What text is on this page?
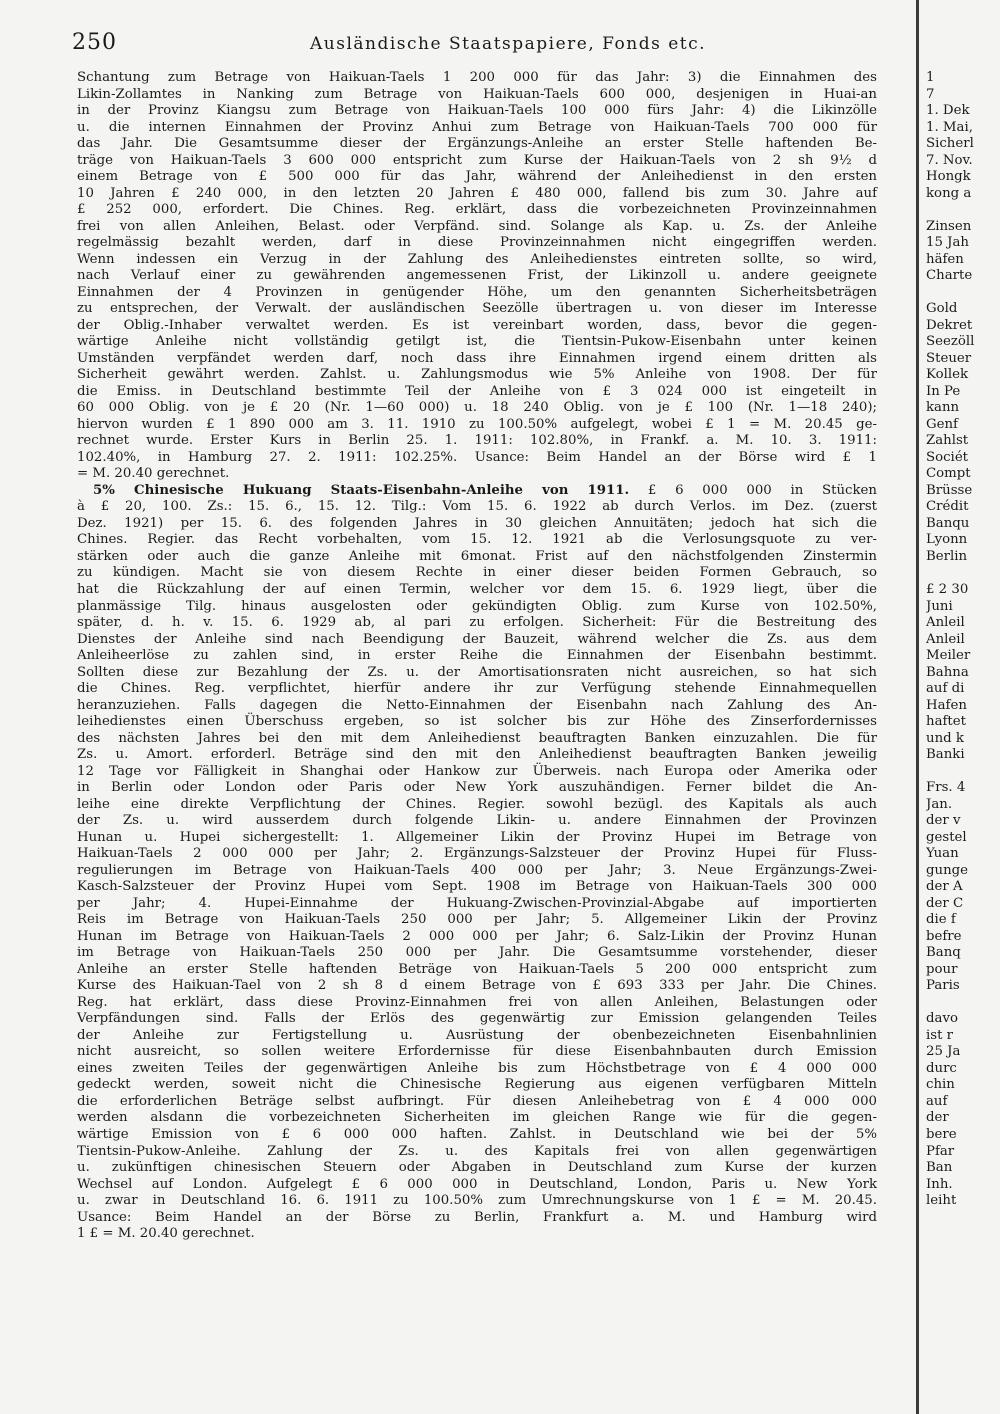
250	Ausländische Staatspapiere, Fonds etc.
Schantung zum Betrage von Haikuan-Taels 1 200 000 für das Jahr: 3) die Einnahmen des
Likin-Zollamtes in Nanking zum Betrage von Haikuan-Taels 600 000, desjenigen in Huai-an
in der Provinz Kiangsu zum Betrage von Haikuan-Taels 100 000 fürs Jahr: 4) die Likinzölle
u. die internen Einnahmen der Provinz Anhui zum Betrage von Haikuan-Taels 700 000 für
das Jahr. Die Gesamtsumme dieser der Ergänzungs-Anleihe an erster Stelle haftenden Be-
träge von Haikuan-Taels 3 600 000 entspricht zum Kurse der Haikuan-Taels von 2 sh 9½ d
einem Betrage von £ 500 000 für das Jahr, während der Anleihedienst in den ersten
10 Jahren £ 240 000, in den letzten 20 Jahren £ 480 000, fallend bis zum 30. Jahre auf
£ 252 000, erfordert. Die Chines. Reg. erklärt, dass die vorbezeichneten Provinzeinnahmen
frei von allen Anleihen, Belast. oder Verpfänd. sind. Solange als Kap. u. Zs. der Anleihe
regelmässig bezahlt werden, darf in diese Provinzeinnahmen nicht eingegriffen werden.
Wenn indessen ein Verzug in der Zahlung des Anleihedienstes eintreten sollte, so wird,
nach Verlauf einer zu gewährenden angemessenen Frist, der Likinzoll u. andere geeignete
Einnahmen der 4 Provinzen in genügender Höhe, um den genannten Sicherheitsbeträgen
zu entsprechen, der Verwalt. der ausländischen Seezölle übertragen u. von dieser im Interesse
der Oblig.-Inhaber verwaltet werden. Es ist vereinbart worden, dass, bevor die gegen-
wärtige Anleihe nicht vollständig getilgt ist, die Tientsin-Pukow-Eisenbahn unter keinen
Umständen verpfändet werden darf, noch dass ihre Einnahmen irgend einem dritten als
Sicherheit gewährt werden. Zahlst. u. Zahlungsmodus wie 5% Anleihe von 1908. Der für
die Emiss. in Deutschland bestimmte Teil der Anleihe von £ 3 024 000 ist eingeteilt in
60 000 Oblig. von je £ 20 (Nr. 1—60 000) u. 18 240 Oblig. von je £ 100 (Nr. 1—18 240);
hiervon wurden £ 1 890 000 am 3. 11. 1910 zu 100.50% aufgelegt, wobei £ 1 = M. 20.45 ge-
rechnet wurde. Erster Kurs in Berlin 25. 1. 1911: 102.80%, in Frankf. a. M. 10. 3. 1911:
102.40%, in Hamburg 27. 2. 1911: 102.25%. Usance: Beim Handel an der Börse wird £ 1
= M. 20.40 gerechnet.
5% Chinesische Hukuang Staats-Eisenbahn-Anleihe von 1911. £ 6 000 000 in Stücken
à £ 20, 100. Zs.: 15. 6., 15. 12. Tilg.: Vom 15. 6. 1922 ab durch Verlos. im Dez. (zuerst
Dez. 1921) per 15. 6. des folgenden Jahres in 30 gleichen Annuitäten; jedoch hat sich die
Chines. Regier. das Recht vorbehalten, vom 15. 12. 1921 ab die Verlosungsquote zu ver-
stärken oder auch die ganze Anleihe mit 6monat. Frist auf den nächstfolgenden Zinstermin
zu kündigen. Macht sie von diesem Rechte in einer dieser beiden Formen Gebrauch, so
hat die Rückzahlung der auf einen Termin, welcher vor dem 15. 6. 1929 liegt, über die
planmässige Tilg. hinaus ausgelosten oder gekündigten Oblig. zum Kurse von 102.50%,
später, d. h. v. 15. 6. 1929 ab, al pari zu erfolgen. Sicherheit: Für die Bestreitung des
Dienstes der Anleihe sind nach Beendigung der Bauzeit, während welcher die Zs. aus dem
Anleiheerlöse zu zahlen sind, in erster Reihe die Einnahmen der Eisenbahn bestimmt.
Sollten diese zur Bezahlung der Zs. u. der Amortisationsraten nicht ausreichen, so hat sich
die Chines. Reg. verpflichtet, hierfür andere ihr zur Verfügung stehende Einnahmequellen
heranzuziehen. Falls dagegen die Netto-Einnahmen der Eisenbahn nach Zahlung des An-
leihedienstes einen Überschuss ergeben, so ist solcher bis zur Höhe des Zinserfordernisses
des nächsten Jahres bei den mit dem Anleihedienst beauftragten Banken einzuzahlen. Die für
Zs. u. Amort. erforderl. Beträge sind den mit den Anleihedienst beauftragten Banken jeweilig
12 Tage vor Fälligkeit in Shanghai oder Hankow zur Überweis. nach Europa oder Amerika oder
in Berlin oder London oder Paris oder New York auszuhändigen. Ferner bildet die An-
leihe eine direkte Verpflichtung der Chines. Regier. sowohl bezügl. des Kapitals als auch
der Zs. u. wird ausserdem durch folgende Likin- u. andere Einnahmen der Provinzen
Hunan u. Hupei sichergestellt: 1. Allgemeiner Likin der Provinz Hupei im Betrage von
Haikuan-Taels 2 000 000 per Jahr; 2. Ergänzungs-Salzsteuer der Provinz Hupei für Fluss-
regulierungen im Betrage von Haikuan-Taels 400 000 per Jahr; 3. Neue Ergänzungs-Zwei-
Kasch-Salzsteuer der Provinz Hupei vom Sept. 1908 im Betrage von Haikuan-Taels 300 000
per Jahr; 4. Hupei-Einnahme der Hukuang-Zwischen-Provinzial-Abgabe auf importierten
Reis im Betrage von Haikuan-Taels 250 000 per Jahr; 5. Allgemeiner Likin der Provinz
Hunan im Betrage von Haikuan-Taels 2 000 000 per Jahr; 6. Salz-Likin der Provinz Hunan
im Betrage von Haikuan-Taels 250 000 per Jahr. Die Gesamtsumme vorstehender, dieser
Anleihe an erster Stelle haftenden Beträge von Haikuan-Taels 5 200 000 entspricht zum
Kurse des Haikuan-Tael von 2 sh 8 d einem Betrage von £ 693 333 per Jahr. Die Chines.
Reg. hat erklärt, dass diese Provinz-Einnahmen frei von allen Anleihen, Belastungen oder
Verpfändungen sind. Falls der Erlös des gegenwärtig zur Emission gelangenden Teiles
der Anleihe zur Fertigstellung u. Ausrüstung der obenbezeichneten Eisenbahnlinien
nicht ausreicht, so sollen weitere Erfordernisse für diese Eisenbahnbauten durch Emission
eines zweiten Teiles der gegenwärtigen Anleihe bis zum Höchstbetrage von £ 4 000 000
gedeckt werden, soweit nicht die Chinesische Regierung aus eigenen verfügbaren Mitteln
die erforderlichen Beträge selbst aufbringt. Für diesen Anleihebetrag von £ 4 000 000
werden alsdann die vorbezeichneten Sicherheiten im gleichen Range wie für die gegen-
wärtige Emission von £ 6 000 000 haften. Zahlst. in Deutschland wie bei der 5%
Tientsin-Pukow-Anleihe. Zahlung der Zs. u. des Kapitals frei von allen gegenwärtigen
u. zukünftigen chinesischen Steuern oder Abgaben in Deutschland zum Kurse der kurzen
Wechsel auf London. Aufgelegt £ 6 000 000 in Deutschland, London, Paris u. New York
u. zwar in Deutschland 16. 6. 1911 zu 100.50% zum Umrechnungskurse von 1 £ = M. 20.45.
Usance: Beim Handel an der Börse zu Berlin, Frankfurt a. M. und Hamburg wird
1 £ = M. 20.40 gerechnet.
1
7
1. Dek
1. Mai,
Sicherl
7. Nov.
Hongk
kong a
Zinsen
15 Jah
häfen
Charte
Gold
Dekret
Seezöll
Steuer
Kollek
In Pe
kann
Genf
Zahlst
Sociét
Compt
Brüsse
Crédit
Banqu
Lyonn
Berlin
£ 2 30
Juni
Anleil
Anleil
Meiler
Bahna
auf di
Hafen
haftet
und k
Banki
Frs. 4
Jan.
der v
gestel
Yuan
gunge
der A
der C
die f
befre
Banq
pour
Paris
davo
ist r
25 Ja
durc
chin
auf
der
bere
Pfar
Ban
Inh.
leiht
